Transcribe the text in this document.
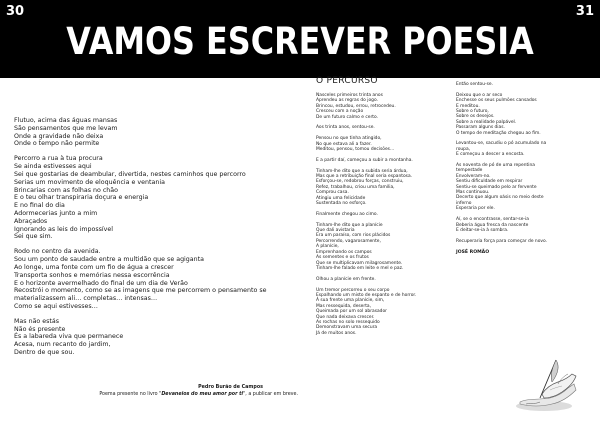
30	31
VAMOS ESCREVER POESIA
Flutuo, acima das águas mansas
São pensamentos que me levam
Onde a gravidade não deixa
Onde o tempo não permite
Percorro a rua à tua procura
Se ainda estivesses aqui
Sei que gostarias de deambular, divertida, nestes caminhos que percorro
Serias um movimento de eloquência e ventania
Brincarias com as folhas no chão
E o teu olhar transpiraria doçura e energia
E no final do dia
Adormecerias junto a mim
Abraçados
Ignorando as leis do impossível
Sei que sim.
Rodo no centro da avenida.
Sou um ponto de saudade entre a multidão que se agiganta
Ao longe, uma fonte com um fio de água a crescer
Transporta sonhos e memórias nessa escorrência
E o horizonte avermelhado do final de um dia de Verão
Recostrói o momento, como se as imagens que me percorrem o pensamento se
materializassem ali… completas… intensas…
Como se aqui estivesses…
Mas não estás
Não és presente
És a labareda viva que permanece
Acesa, num recanto do jardim,
Dentro de que sou.
Pedro Burão de Campos
Poema presente no livro "Devaneios do meu amor por ti", a publicar em breve.
O PERCURSO
Nasceles primeiros trinta anos
Aprendeu as regras do jogo.
Brincou, estudou, errou, retrocedeu.
Cresceu com a noção
De um futuro calmo e certo.
Aos trinta anos, sentou-se.
Pensou no que tinha atingido,
No que estava ali a fazer.
Meditou, pensou, tomou decisões…
E a partir daí, começou a subir a montanha.
Tinham-lhe dito que a subida seria árdua,
Mas que a retribuição final seria espantosa.
Esforçou-se, redobrou forças, construiu,
Refez, trabalhou, criou uma família,
Comprou casa.
Atingiu uma felicidade
Sustentada no esforço.
Finalmente chegou ao cimo.
Tinham-lhe dito que a planície
Que dali avistaria
Era um paraíso, com rios plácidos
Percorrendo, vagarosamente,
A planície,
Emprenhando os campos
As sementes e os frutos
Que se multiplicavam milagrosamente.
Tinham-lhe falado em leite e mel e paz.
Olhou a planície em frente.
Um tremor percorreu o seu corpo
Espalhando um misto de espanto e de horror.
À sua frente uma planície, sim,
Mas ressequida, deserta,
Queimada por um sol abrasador
Que nada deixava crescer.
As rochas no solo ressequido
Demonstravam uma secura
Já de muitos anos.
Então sentou-se.
Deixou que o ar seco
Enchesse os seus pulmões cansados
E meditou.
Sobre o futuro,
Sobre os desejos.
Sobre a realidade palpável.
Passaram alguns dias.
O tempo de meditação chegou ao fim.
Levantou-se, sacudiu o pó acumulado na
roupa,
E começou a descer a encosta.
As noventa de pó de uma repentina
tempestade
Envolveram-no.
Sentiu dificuldade em respirar
Sentiu-se queimado pelo ar fervente
Mas continuou.
Decerto que algum oásis no meio deste
inferno
Esperaria por ele.
Aí, se o encontrasse, sentar-se-ia
Beberia água fresca da nascente
E deitar-se-ia à sombra.
Recuperaria força para começar de novo.
JOSÉ ROMÃO
